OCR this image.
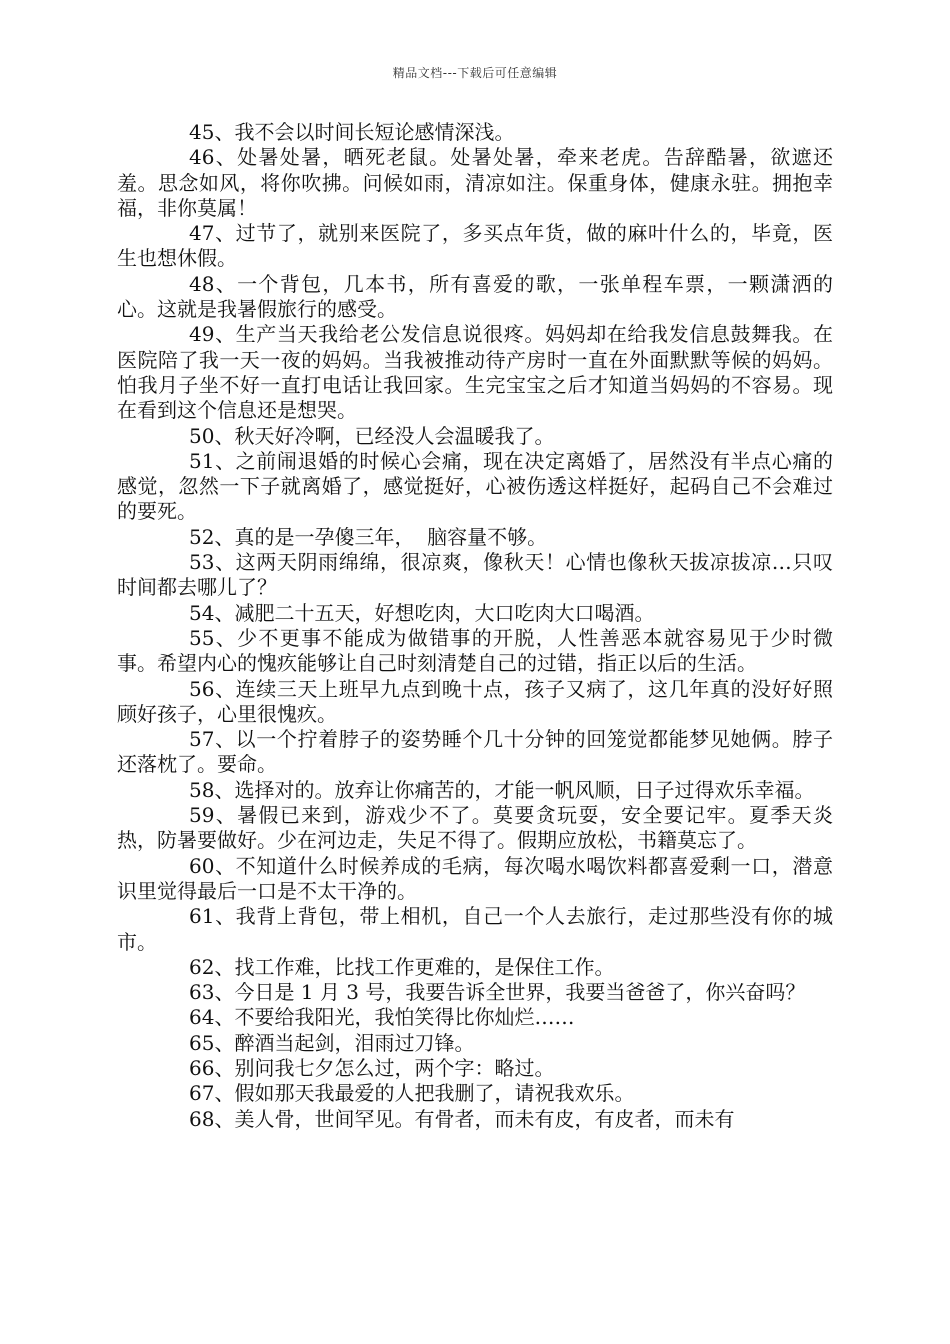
精品文档---下载后可任意编辑

45、我不会以时间长短论感情深浅。

46、处暑处暑，晒死老鼠。处暑处暑，牵来老虎。告辞酷暑，欲遮还羞。思念如风，将你吹拂。问候如雨，清凉如注。保重身体，健康永驻。拥抱幸福，非你莫属！

47、过节了，就别来医院了，多买点年货，做的麻叶什么的，毕竟，医生也想休假。

48、一个背包，几本书，所有喜爱的歌，一张单程车票，一颗潇洒的心。这就是我暑假旅行的感受。

49、生产当天我给老公发信息说很疼。妈妈却在给我发信息鼓舞我。在医院陪了我一天一夜的妈妈。当我被推动待产房时一直在外面默默等候的妈妈。怕我月子坐不好一直打电话让我回家。生完宝宝之后才知道当妈妈的不容易。现在看到这个信息还是想哭。

50、秋天好冷啊，已经没人会温暖我了。

51、之前闹退婚的时候心会痛，现在决定离婚了，居然没有半点心痛的感觉，忽然一下子就离婚了，感觉挺好，心被伤透这样挺好，起码自己不会难过的要死。

52、真的是一孕傻三年，  脑容量不够。

53、这两天阴雨绵绵，很凉爽，像秋天！心情也像秋天拔凉拔凉…只叹时间都去哪儿了？

54、减肥二十五天，好想吃肉，大口吃肉大口喝酒。

55、少不更事不能成为做错事的开脱，人性善恶本就容易见于少时微事。希望内心的愧疚能够让自己时刻清楚自己的过错，指正以后的生活。

56、连续三天上班早九点到晚十点，孩子又病了，这几年真的没好好照顾好孩子，心里很愧疚。

57、以一个拧着脖子的姿势睡个几十分钟的回笼觉都能梦见她俩。脖子还落枕了。要命。

58、选择对的。放弃让你痛苦的，才能一帆风顺，日子过得欢乐幸福。

59、暑假已来到，游戏少不了。莫要贪玩耍，安全要记牢。夏季天炎热，防暑要做好。少在河边走，失足不得了。假期应放松，书籍莫忘了。

60、不知道什么时候养成的毛病，每次喝水喝饮料都喜爱剩一口，潜意识里觉得最后一口是不太干净的。

61、我背上背包，带上相机，自己一个人去旅行，走过那些没有你的城市。

62、找工作难，比找工作更难的，是保住工作。

63、今日是 1 月 3 号，我要告诉全世界，我要当爸爸了，你兴奋吗？

64、不要给我阳光，我怕笑得比你灿烂……

65、醉酒当起剑，泪雨过刀锋。

66、别问我七夕怎么过，两个字：略过。

67、假如那天我最爱的人把我删了，请祝我欢乐。

68、美人骨，世间罕见。有骨者，而未有皮，有皮者，而未有
